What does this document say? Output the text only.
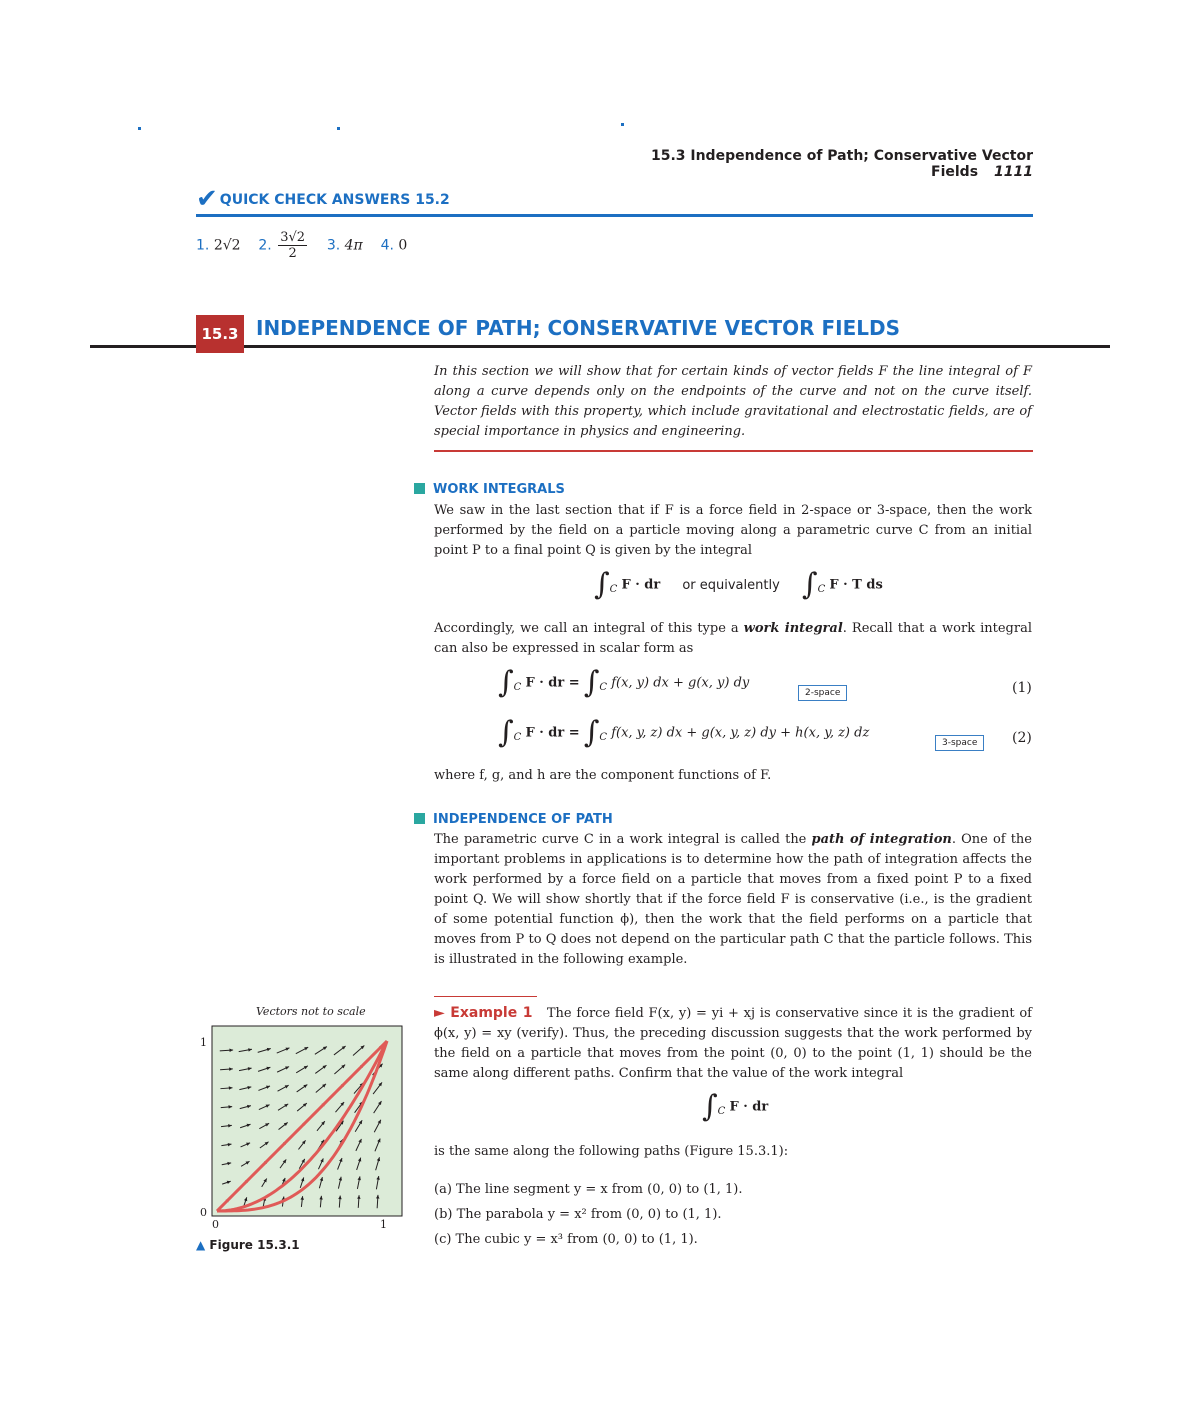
15.3 Independence of Path; Conservative Vector Fields 1111
✔ QUICK CHECK ANSWERS 15.2
1. 2√2 2. $\frac{3√2}{2} 3$. 4π 4. 0
15.3 INDEPENDENCE OF PATH; CONSERVATIVE VECTOR FIELDS
In this section we will show that for certain kinds of vector fields F the line integral of F along a curve depends only on the endpoints of the curve and not on the curve itself. Vector fields with this property, which include gravitational and electrostatic fields, are of special importance in physics and engineering.
WORK INTEGRALS
We saw in the last section that if F is a force field in 2-space or 3-space, then the work performed by the field on a particle moving along a parametric curve C from an initial point P to a final point Q is given by the integral
$\int_C$ F · dr or equivalently $\int_C$ F · T ds
Accordingly, we call an integral of this type a work integral. Recall that a work integral can also be expressed in scalar form as
$\int_C$ F · dr = $\int_C$ f(x, y) dx + g(x, y) dy
2-space	(1)
$\int_C$ F · dr = $\int_C$ f(x, y, z) dx + g(x, y, z) dy + h(x, y, z) dz
3-space	(2)
where f, g, and h are the component functions of F.
INDEPENDENCE OF PATH
The parametric curve C in a work integral is called the path of integration. One of the important problems in applications is to determine how the path of integration affects the work performed by a force field on a particle that moves from a fixed point P to a fixed point Q. We will show shortly that if the force field F is conservative (i.e., is the gradient of some potential function ϕ), then the work that the field performs on a particle that moves from P to Q does not depend on the particular path C that the particle follows. This is illustrated in the following example.
► Example 1 The force field F(x, y) = yi + xj is conservative since it is the gradient of ϕ(x, y) = xy (verify). Thus, the preceding discussion suggests that the work performed by the field on a particle that moves from the point (0, 0) to the point (1, 1) should be the same along different paths. Confirm that the value of the work integral
$\int_C$ F · dr
is the same along the following paths (Figure 15.3.1):
(a) The line segment y = x from (0, 0) to (1, 1).
(b) The parabola y = x² from (0, 0) to (1, 1).
(c) The cubic y = x³ from (0, 0) to (1, 1).
Vectors not to scale
1
0
0	1
▲ Figure 15.3.1
